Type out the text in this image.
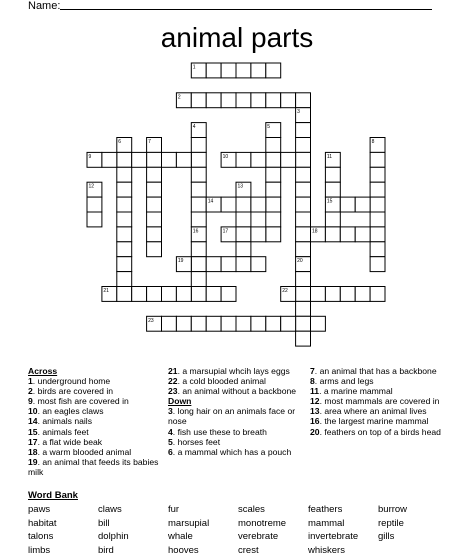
Name:
animal parts
1
2
3
20
4
16
5
6	7	8
9	10	11
15
12	13
14
17	18
19
21	22
23
Across
1. underground home
2. birds are covered in
9. most fish are covered in
10. an eagles claws
14. animals nails
15. animals feet
17. a flat wide beak
18. a warm blooded animal
19. an animal that feeds its babies milk
21. a marsupial whcih lays eggs
22. a cold blooded animal
23. an animal without a backbone
Down
3. long hair on an animals face or nose
4. fish use these to breath
5. horses feet
6. a mammal which has a pouch
7. an animal that has a backbone
8. arms and legs
11. a marine mammal
12. most mammals are covered in
13. area where an animal lives
16. the largest marine mammal
20. feathers on top of a birds head
Word Bank
paws	claws	fur	scales	feathers	burrow
habitat	bill	marsupial	monotreme	mammal	reptile
talons	dolphin	whale	verebrate	invertebrate	gills
limbs	bird	hooves	crest	whiskers
